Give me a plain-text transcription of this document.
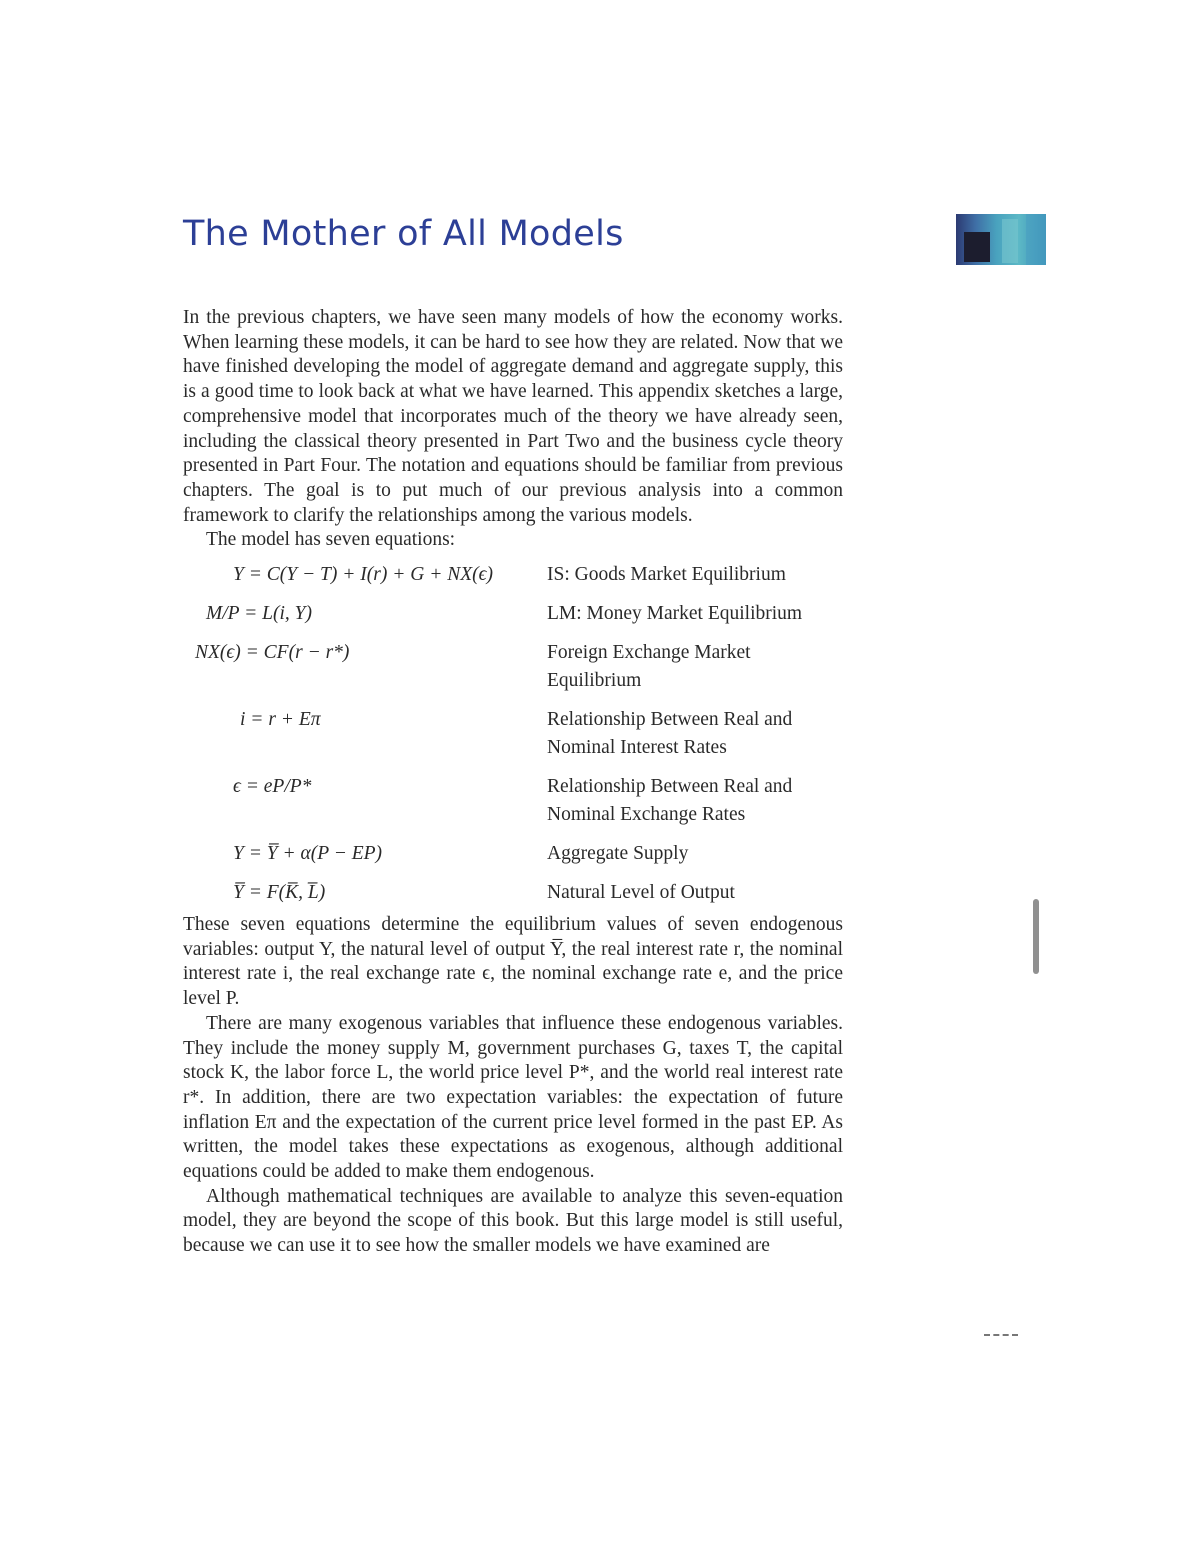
The Mother of All Models

In the previous chapters, we have seen many models of how the economy works. When learning these models, it can be hard to see how they are related. Now that we have finished developing the model of aggregate demand and aggregate supply, this is a good time to look back at what we have learned. This appendix sketches a large, comprehensive model that incorporates much of the theory we have already seen, including the classical theory presented in Part Two and the business cycle theory presented in Part Four. The notation and equations should be familiar from previous chapters. The goal is to put much of our previous analysis into a common framework to clarify the relationships among the various models.

The model has seven equations:

Y = C(Y − T) + I(r) + G + NX(ϵ)	IS: Goods Market Equilibrium
M/P = L(i, Y)	LM: Money Market Equilibrium
NX(ϵ) = CF(r − r*)	Foreign Exchange Market Equilibrium
i = r + Eπ	Relationship Between Real and Nominal Interest Rates
ϵ = eP/P*	Relationship Between Real and Nominal Exchange Rates
Y = Y̅ + α(P − EP)	Aggregate Supply
Y̅ = F(K̅, L̅)	Natural Level of Output

These seven equations determine the equilibrium values of seven endogenous variables: output Y, the natural level of output Y̅, the real interest rate r, the nominal interest rate i, the real exchange rate ϵ, the nominal exchange rate e, and the price level P.

There are many exogenous variables that influence these endogenous variables. They include the money supply M, government purchases G, taxes T, the capital stock K, the labor force L, the world price level P*, and the world real interest rate r*. In addition, there are two expectation variables: the expectation of future inflation Eπ and the expectation of the current price level formed in the past EP. As written, the model takes these expectations as exogenous, although additional equations could be added to make them endogenous.

Although mathematical techniques are available to analyze this seven-equation model, they are beyond the scope of this book. But this large model is still useful, because we can use it to see how the smaller models we have examined are
